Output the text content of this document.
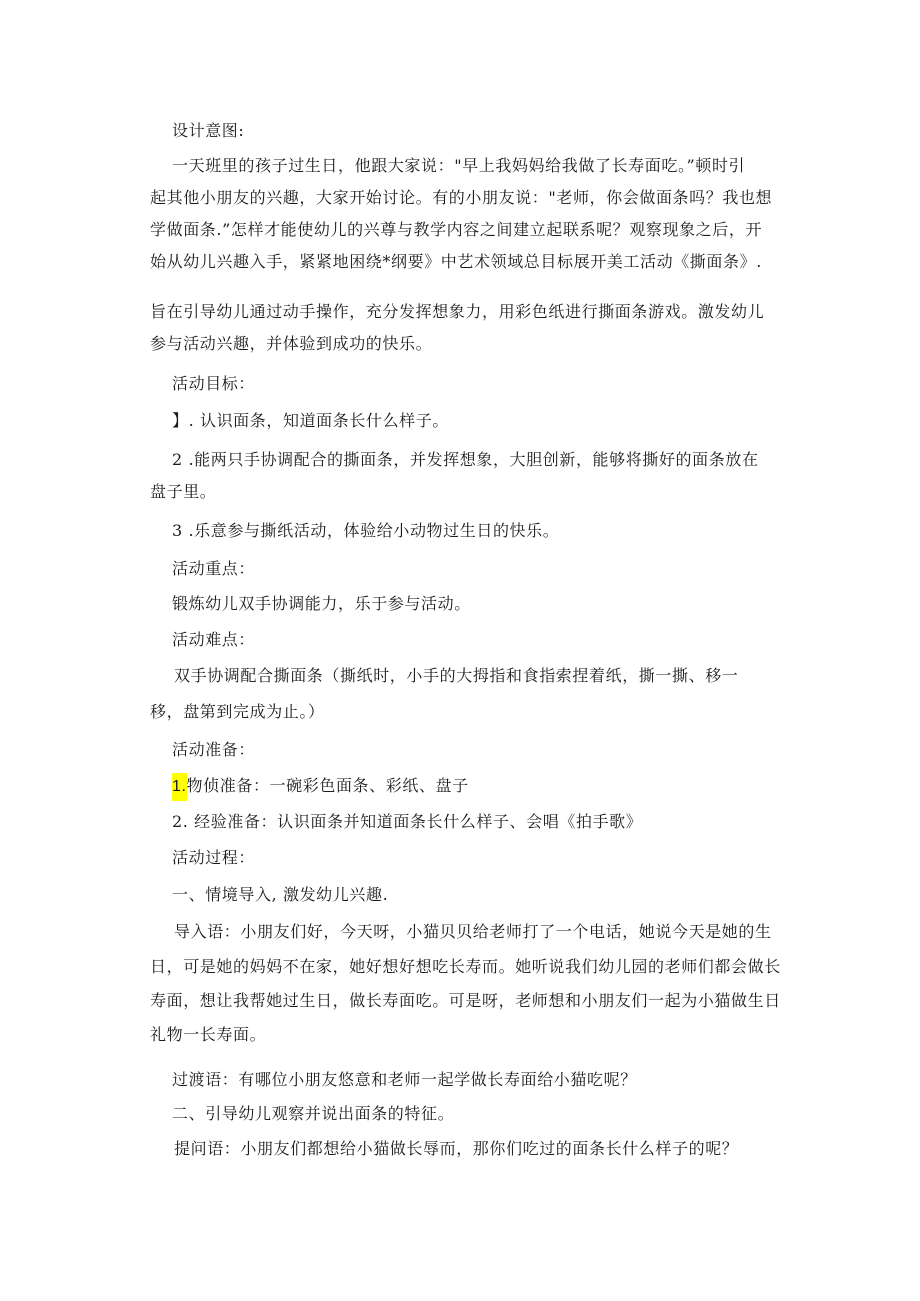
设计意图:
一天班里的孩子过生日，他跟大家说："早上我妈妈给我做了长寿面吃。”顿时引
起其他小朋友的兴趣，大家开始讨论。有的小朋友说："老师，你会做面条吗？我也想
学做面条.”怎样才能使幼儿的兴尊与教学内容之间建立起联系呢？观察现象之后，开
始从幼儿兴趣入手，紧紧地困绕*纲要》中艺术领域总目标展开美工活动《撕面条》.
旨在引导幼儿通过动手操作，充分发挥想象力，用彩色纸进行撕面条游戏。激发幼儿
参与活动兴趣，并体验到成功的快乐。
活动目标：
】. 认识面条，知道面条长什么样子。
2 .能两只手协调配合的撕面条，并发挥想象，大胆创新，能够将撕好的面条放在
盘子里。
3 .乐意参与撕纸活动，体验给小动物过生日的快乐。
活动重点：
锻炼幼儿双手协调能力，乐于参与活动。
活动难点：
双手协调配合撕面条（撕纸时，小手的大拇指和食指索捏着纸，撕一撕、移一
移，盘第到完成为止。）
活动准备：
1.物侦准备：一碗彩色面条、彩纸、盘子
2. 经验准备：认识面条并知道面条长什么样子、会唱《拍手歌》
活动过程：
一、情境导入, 激发幼儿兴趣.
导入语：小朋友们好，今天呀，小猫贝贝给老师打了一个电话，她说今天是她的生
日，可是她的妈妈不在家，她好想好想吃长寿而。她听说我们幼儿园的老师们都会做长
寿面，想让我帮她过生日，做长寿面吃。可是呀，老师想和小朋友们一起为小猫做生日
礼物一长寿面。
过渡语：有哪位小朋友悠意和老师一起学做长寿面给小猫吃呢？
二、引导幼儿观察并说出面条的特征。
提问语：小朋友们都想给小猫做长辱而，那你们吃过的面条长什么样子的呢？
